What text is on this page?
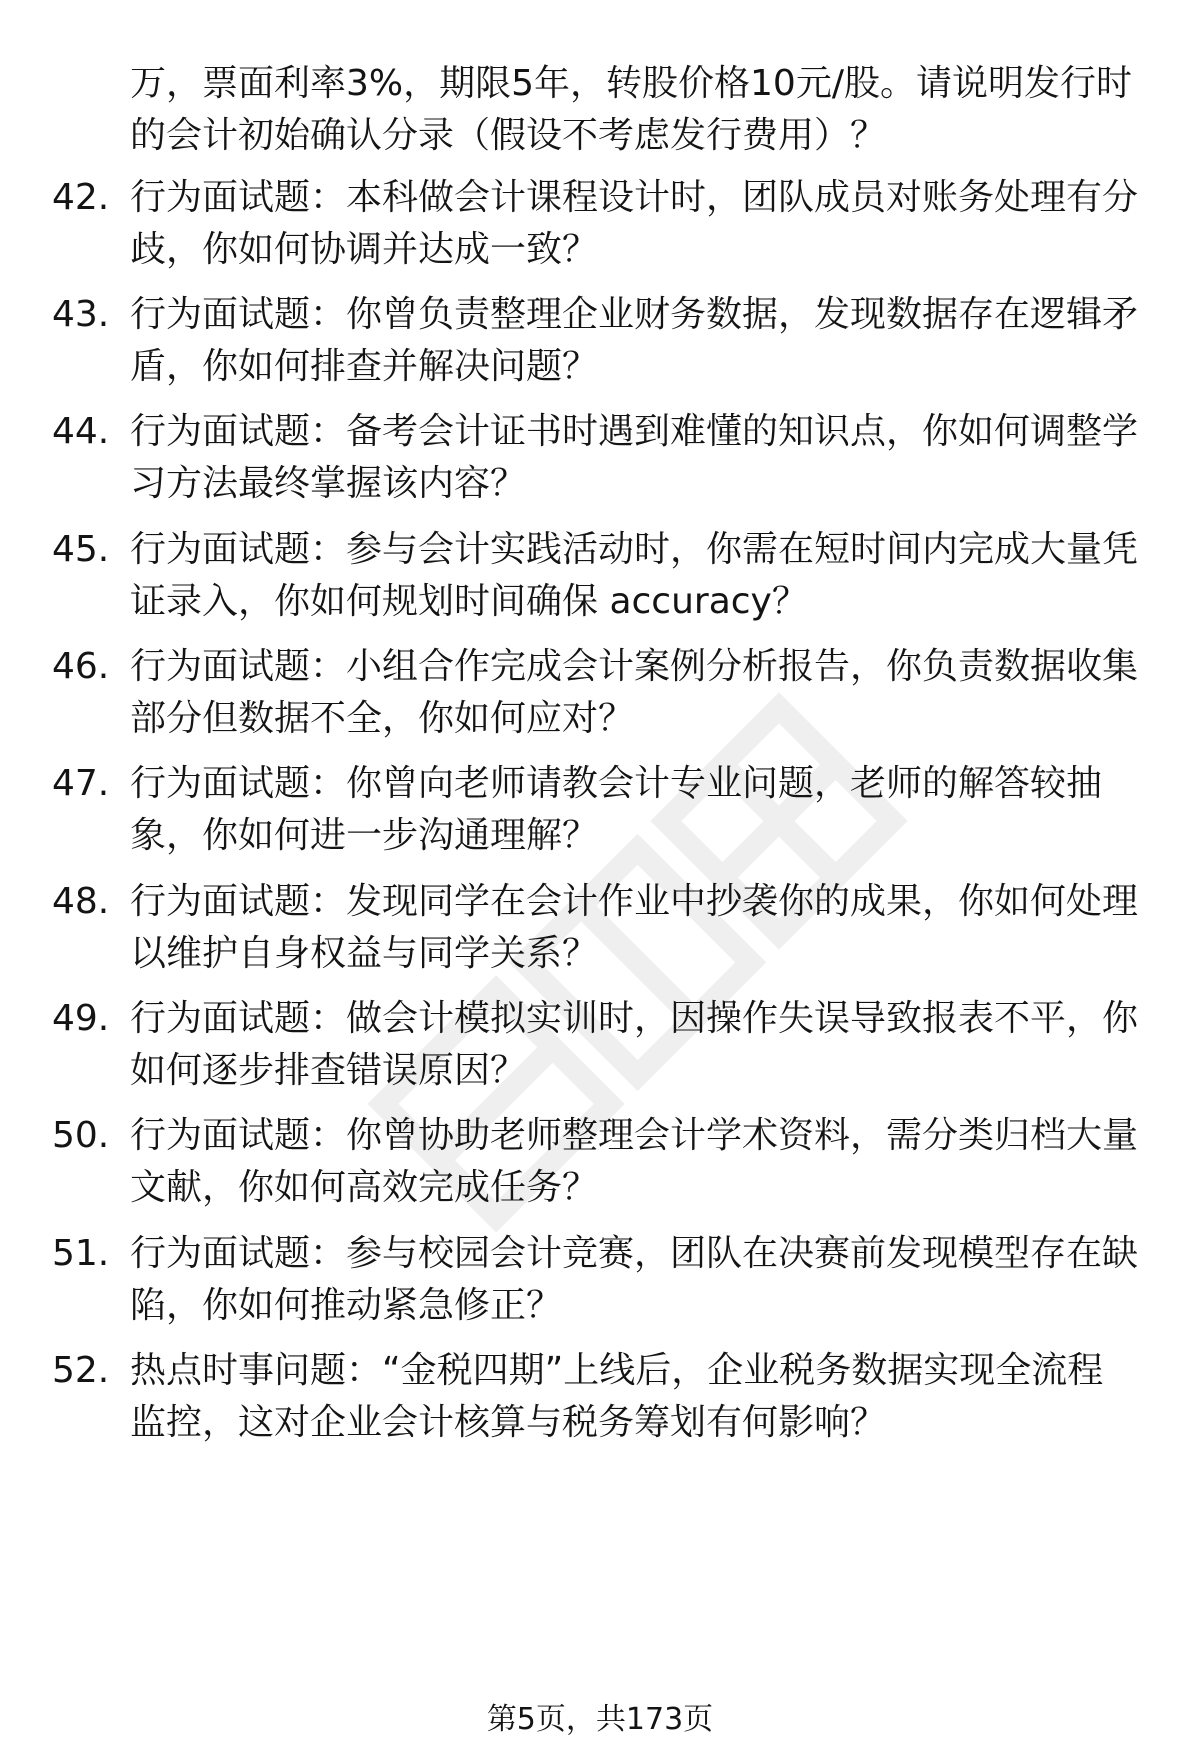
万，票面利率3%，期限5年，转股价格10元/股。请说明发行时
的会计初始确认分录（假设不考虑发行费用）？
42. 行为面试题：本科做会计课程设计时，团队成员对账务处理有分
歧，你如何协调并达成一致？
43. 行为面试题：你曾负责整理企业财务数据，发现数据存在逻辑矛
盾，你如何排查并解决问题？
44. 行为面试题：备考会计证书时遇到难懂的知识点，你如何调整学
习方法最终掌握该内容？
45. 行为面试题：参与会计实践活动时，你需在短时间内完成大量凭
证录入，你如何规划时间确保 accuracy？
46. 行为面试题：小组合作完成会计案例分析报告，你负责数据收集
部分但数据不全，你如何应对？
47. 行为面试题：你曾向老师请教会计专业问题，老师的解答较抽
象，你如何进一步沟通理解？
48. 行为面试题：发现同学在会计作业中抄袭你的成果，你如何处理
以维护自身权益与同学关系？
49. 行为面试题：做会计模拟实训时，因操作失误导致报表不平，你
如何逐步排查错误原因？
50. 行为面试题：你曾协助老师整理会计学术资料，需分类归档大量
文献，你如何高效完成任务？
51. 行为面试题：参与校园会计竞赛，团队在决赛前发现模型存在缺
陷，你如何推动紧急修正？
52. 热点时事问题：“金税四期”上线后，企业税务数据实现全流程
监控，这对企业会计核算与税务筹划有何影响？
第5页，共173页
